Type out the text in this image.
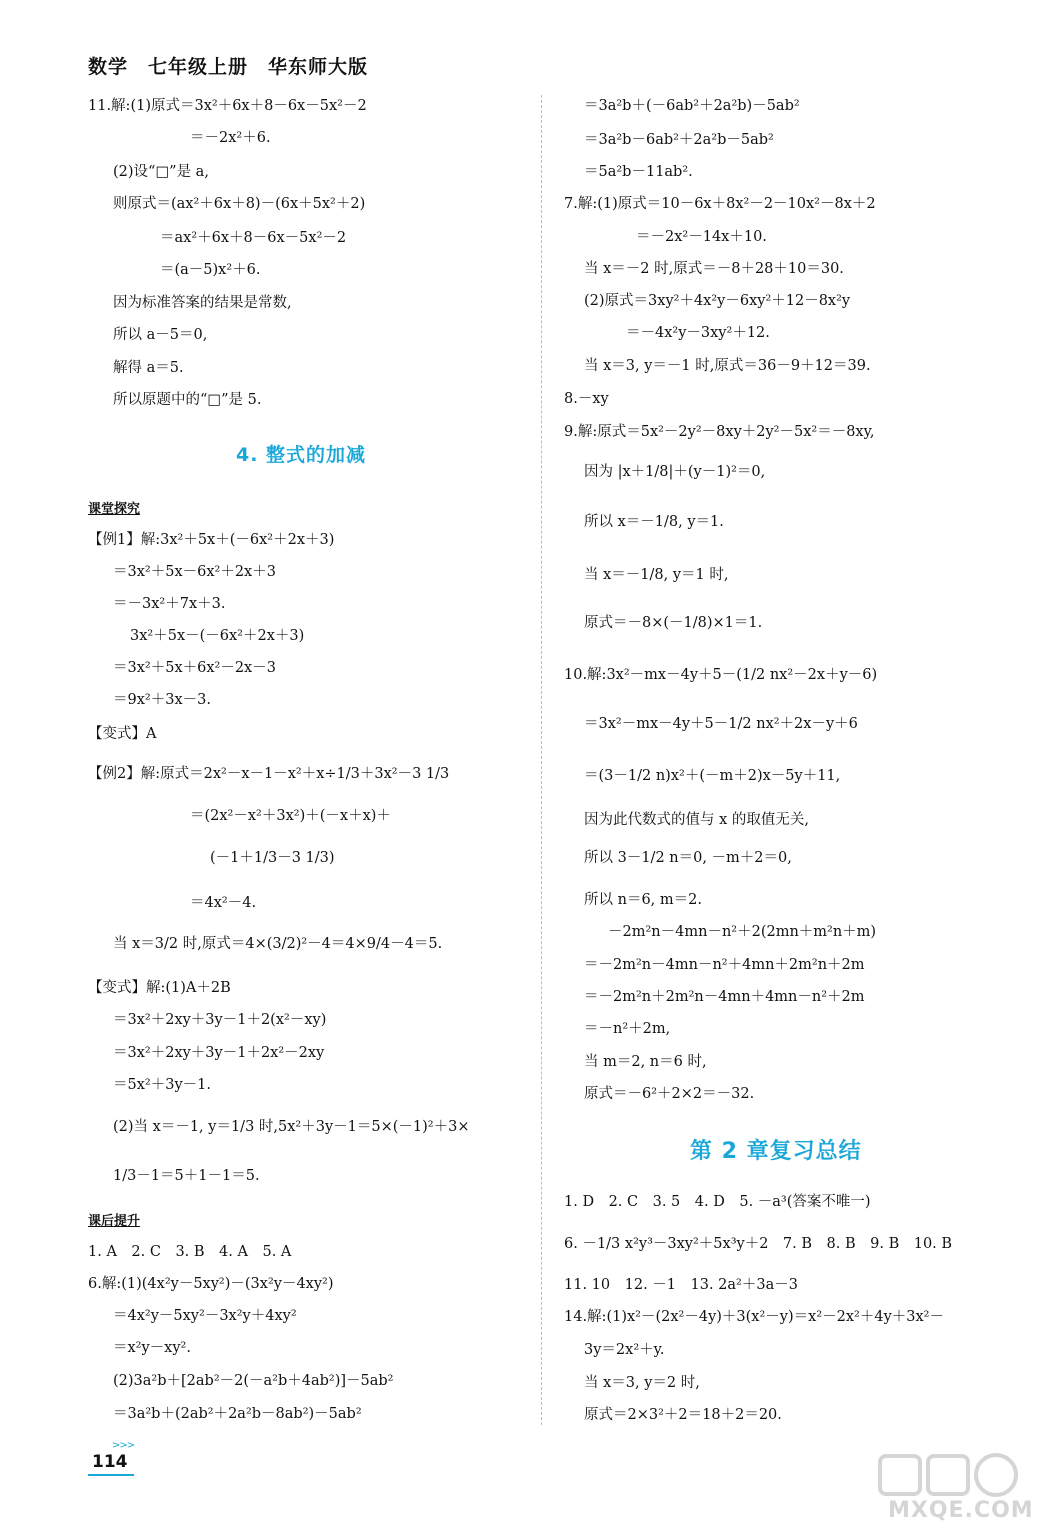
数学　七年级上册　华东师大版
11.解:(1)原式＝3x²＋6x＋8－6x－5x²－2
＝－2x²＋6.
(2)设“□”是 a,
则原式＝(ax²＋6x＋8)－(6x＋5x²＋2)
＝ax²＋6x＋8－6x－5x²－2
＝(a－5)x²＋6.
因为标准答案的结果是常数,
所以 a－5＝0,
解得 a＝5.
所以原题中的“□”是 5.
4. 整式的加减
课堂探究
【例1】解:3x²＋5x＋(－6x²＋2x＋3)
＝3x²＋5x－6x²＋2x＋3
＝－3x²＋7x＋3.
3x²＋5x－(－6x²＋2x＋3)
＝3x²＋5x＋6x²－2x－3
＝9x²＋3x－3.
【变式】A
【例2】解:原式＝2x²－x－1－x²＋x÷1/3＋3x²－3 1/3
＝(2x²－x²＋3x²)＋(－x＋x)＋
(－1＋1/3－3 1/3)
＝4x²－4.
当 x＝3/2 时,原式＝4×(3/2)²－4＝4×9/4－4＝5.
【变式】解:(1)A＋2B
＝3x²＋2xy＋3y－1＋2(x²－xy)
＝3x²＋2xy＋3y－1＋2x²－2xy
＝5x²＋3y－1.
(2)当 x＝－1, y＝1/3 时,5x²＋3y－1＝5×(－1)²＋3×
1/3－1＝5＋1－1＝5.
课后提升
1. A　2. C　3. B　4. A　5. A
6.解:(1)(4x²y－5xy²)－(3x²y－4xy²)
＝4x²y－5xy²－3x²y＋4xy²
＝x²y－xy².
(2)3a²b＋[2ab²－2(－a²b＋4ab²)]－5ab²
＝3a²b＋(2ab²＋2a²b－8ab²)－5ab²
＝3a²b＋(－6ab²＋2a²b)－5ab²
＝3a²b－6ab²＋2a²b－5ab²
＝5a²b－11ab².
7.解:(1)原式＝10－6x＋8x²－2－10x²－8x＋2
＝－2x²－14x＋10.
当 x＝－2 时,原式＝－8＋28＋10＝30.
(2)原式＝3xy²＋4x²y－6xy²＋12－8x²y
＝－4x²y－3xy²＋12.
当 x＝3, y＝－1 时,原式＝36－9＋12＝39.
8.－xy
9.解:原式＝5x²－2y²－8xy＋2y²－5x²＝－8xy,
因为 |x＋1/8|＋(y－1)²＝0,
所以 x＝－1/8, y＝1.
当 x＝－1/8, y＝1 时,
原式＝－8×(－1/8)×1＝1.
10.解:3x²－mx－4y＋5－(1/2 nx²－2x＋y－6)
＝3x²－mx－4y＋5－1/2 nx²＋2x－y＋6
＝(3－1/2 n)x²＋(－m＋2)x－5y＋11,
因为此代数式的值与 x 的取值无关,
所以 3－1/2 n＝0, －m＋2＝0,
所以 n＝6, m＝2.
－2m²n－4mn－n²＋2(2mn＋m²n＋m)
＝－2m²n－4mn－n²＋4mn＋2m²n＋2m
＝－2m²n＋2m²n－4mn＋4mn－n²＋2m
＝－n²＋2m,
当 m＝2, n＝6 时,
原式＝－6²＋2×2＝－32.
第 2 章复习总结
1. D　2. C　3. 5　4. D　5. －a³(答案不唯一)
6. －1/3 x²y³－3xy²＋5x³y＋2　7. B　8. B　9. B　10. B
11. 10　12. －1　13. 2a²＋3a－3
14.解:(1)x²－(2x²－4y)＋3(x²－y)＝x²－2x²＋4y＋3x²－
3y＝2x²＋y.
当 x＝3, y＝2 时,
原式＝2×3²＋2＝18＋2＝20.
>>>
114
MXQE.COM
